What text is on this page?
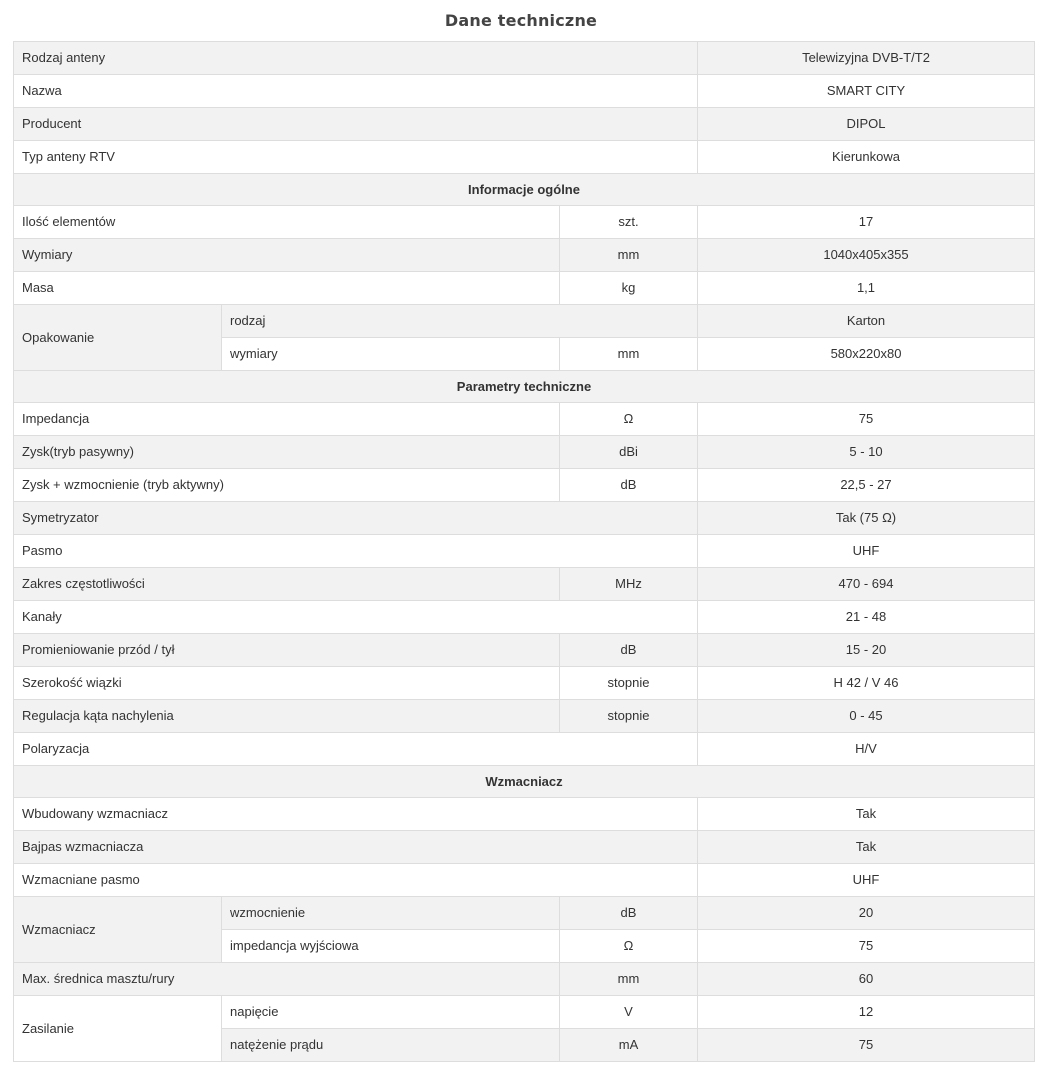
Dane techniczne
Rodzaj anteny			Telewizyjna DVB-T/T2
Nazwa			SMART CITY
Producent			DIPOL
Typ anteny RTV			Kierunkowa
Informacje ogólne			
Ilość elementów		szt.	17
Wymiary		mm	1040x405x355
Masa		kg	1,1
Opakowanie	rodzaj		Karton
	wymiary	mm	580x220x80
Parametry techniczne			
Impedancja		Ω	75
Zysk(tryb pasywny)		dBi	5 - 10
Zysk + wzmocnienie (tryb aktywny)		dB	22,5 - 27
Symetryzator			Tak (75 Ω)
Pasmo			UHF
Zakres częstotliwości		MHz	470 - 694
Kanały			21 - 48
Promieniowanie przód / tył		dB	15 - 20
Szerokość wiązki		stopnie	H 42 / V 46
Regulacja kąta nachylenia		stopnie	0 - 45
Polaryzacja			H/V
Wzmacniacz			
Wbudowany wzmacniacz			Tak
Bajpas wzmacniacza			Tak
Wzmacniane pasmo			UHF
Wzmacniacz	wzmocnienie	dB	20
	impedancja wyjściowa	Ω	75
Max. średnica masztu/rury		mm	60
Zasilanie	napięcie	V	12
	natężenie prądu	mA	75
